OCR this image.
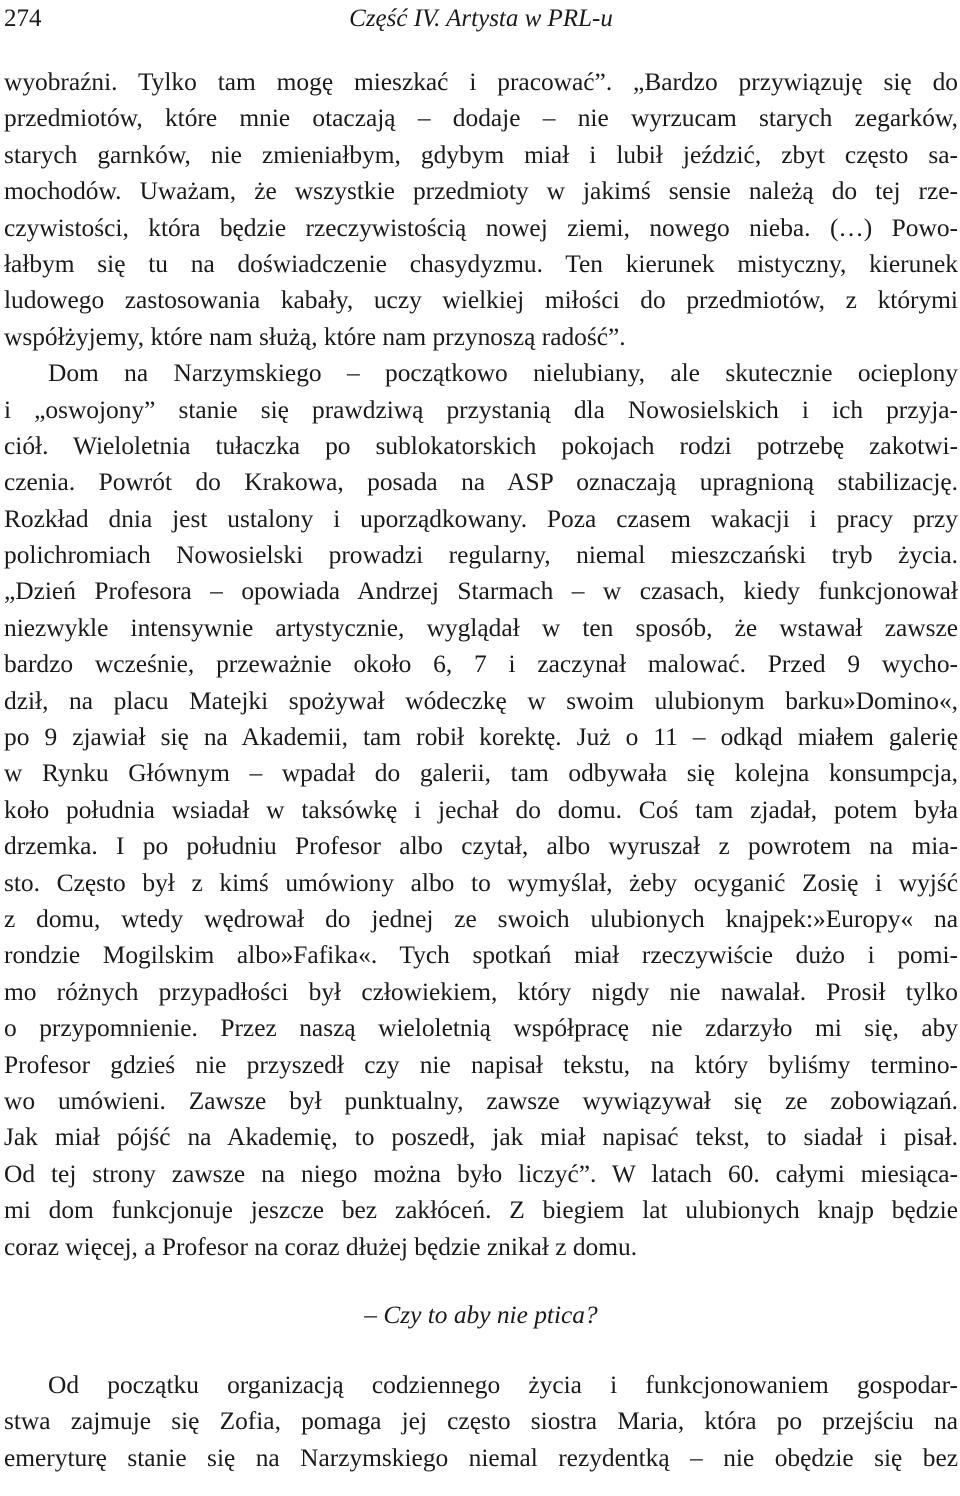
274	Część IV. Artysta w PRL-u
wyobraźni. Tylko tam mogę mieszkać i pracować”. „Bardzo przywiązuję się do
przedmiotów, które mnie otaczają – dodaje – nie wyrzucam starych zegarków,
starych garnków, nie zmieniałbym, gdybym miał i lubił jeździć, zbyt często sa-
mochodów. Uważam, że wszystkie przedmioty w jakimś sensie należą do tej rze-
czywistości, która będzie rzeczywistością nowej ziemi, nowego nieba. (…) Powo-
łałbym się tu na doświadczenie chasydyzmu. Ten kierunek mistyczny, kierunek
ludowego zastosowania kabały, uczy wielkiej miłości do przedmiotów, z którymi
współżyjemy, które nam służą, które nam przynoszą radość”.
Dom na Narzymskiego – początkowo nielubiany, ale skutecznie ocieplony
i „oswojony” stanie się prawdziwą przystanią dla Nowosielskich i ich przyja-
ciół. Wieloletnia tułaczka po sublokatorskich pokojach rodzi potrzebę zakotwi-
czenia. Powrót do Krakowa, posada na ASP oznaczają upragnioną stabilizację.
Rozkład dnia jest ustalony i uporządkowany. Poza czasem wakacji i pracy przy
polichromiach Nowosielski prowadzi regularny, niemal mieszczański tryb życia.
„Dzień Profesora – opowiada Andrzej Starmach – w czasach, kiedy funkcjonował
niezwykle intensywnie artystycznie, wyglądał w ten sposób, że wstawał zawsze
bardzo wcześnie, przeważnie około 6, 7 i zaczynał malować. Przed 9 wycho-
dził, na placu Matejki spożywał wódeczkę w swoim ulubionym barku»Domino«,
po 9 zjawiał się na Akademii, tam robił korektę. Już o 11 – odkąd miałem galerię
w Rynku Głównym – wpadał do galerii, tam odbywała się kolejna konsumpcja,
koło południa wsiadał w taksówkę i jechał do domu. Coś tam zjadał, potem była
drzemka. I po południu Profesor albo czytał, albo wyruszał z powrotem na mia-
sto. Często był z kimś umówiony albo to wymyślał, żeby ocyganić Zosię i wyjść
z domu, wtedy wędrował do jednej ze swoich ulubionych knajpek:»Europy« na
rondzie Mogilskim albo»Fafika«. Tych spotkań miał rzeczywiście dużo i pomi-
mo różnych przypadłości był człowiekiem, który nigdy nie nawalał. Prosił tylko
o przypomnienie. Przez naszą wieloletnią współpracę nie zdarzyło mi się, aby
Profesor gdzieś nie przyszedł czy nie napisał tekstu, na który byliśmy termino-
wo umówieni. Zawsze był punktualny, zawsze wywiązywał się ze zobowiązań.
Jak miał pójść na Akademię, to poszedł, jak miał napisać tekst, to siadał i pisał.
Od tej strony zawsze na niego można było liczyć”. W latach 60. całymi miesiąca-
mi dom funkcjonuje jeszcze bez zakłóceń. Z biegiem lat ulubionych knajp będzie
coraz więcej, a Profesor na coraz dłużej będzie znikał z domu.
– Czy to aby nie ptica?
Od początku organizacją codziennego życia i funkcjonowaniem gospodar-
stwa zajmuje się Zofia, pomaga jej często siostra Maria, która po przejściu na
emeryturę stanie się na Narzymskiego niemal rezydentką – nie obędzie się bez
